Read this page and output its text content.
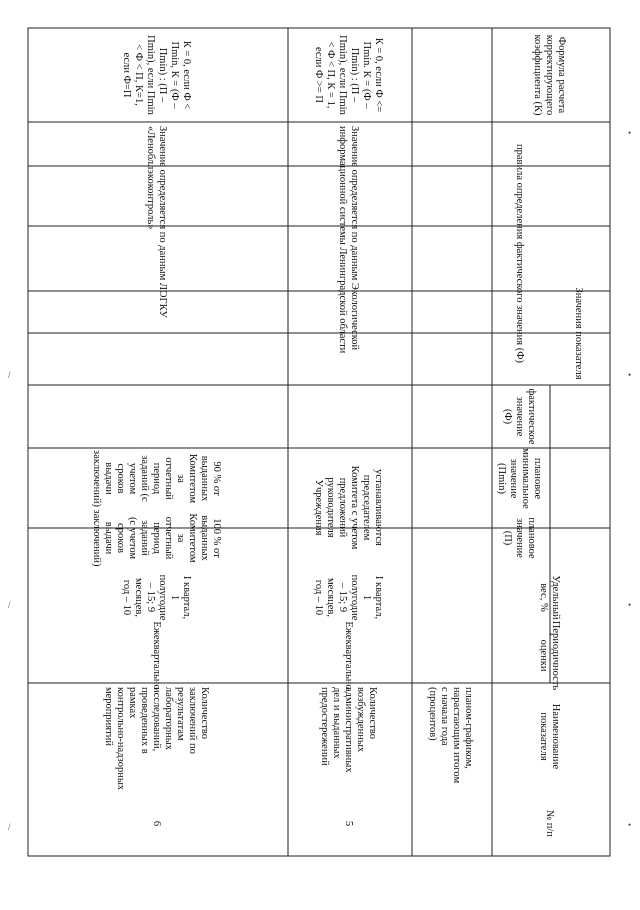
№ п/п
Наименованиепоказателя
Периодичностьоценки
Удельныйвес, %
Значения показателя
плановоезначение(П)
плановоеминимальноезначение(Пmin)
фактическоезначение(Ф)
правила определения фактического значения (Ф)
Формула расчетакорректирующегокоэффициента (К)
планом-графиком,нарастающим итогомс начала года(процентов)
5
Количествовозбужденныхадминистративныхдел и выданныхпредостережений
Ежеквартально
I квартал,1полугодие– 15; 9месяцев,год – 10
устанавливаютсяпредседателемКомитета с учетомпредложенийруководителяУчреждения
Значение определяется по данным Экологическойинформационной системы Ленинградской области
К = 0, если Ф <=Пmin. К = (Ф –Пmin) : (П –Пmin), если Пmin< Ф < П, К = 1,если Ф >= П
6
Количествозаключений порезультатамлабораторныхисследований,проведенных врамкахконтрольно-надзорныхмероприятий
Ежеквартально
I квартал,1полугодие– 15; 9месяцев,год – 10
100 % отвыданныхКомитетомзаотчетныйпериодзаданий(с учетомсроковвыдачизаключений)
90 % отвыданныхКомитетомзаотчетныйпериодзаданий (сучетомсроковвыдачизаключений)
Значение определяется по данным ЛОГКУ«Ленобллэкоконтроль»
К = 0, если Ф <Пmin, К = (Ф –Пmin) : (П –Пmin), если Пmin< Ф < П, К=1,если Ф=П
/
/
/
•
•
•
•
